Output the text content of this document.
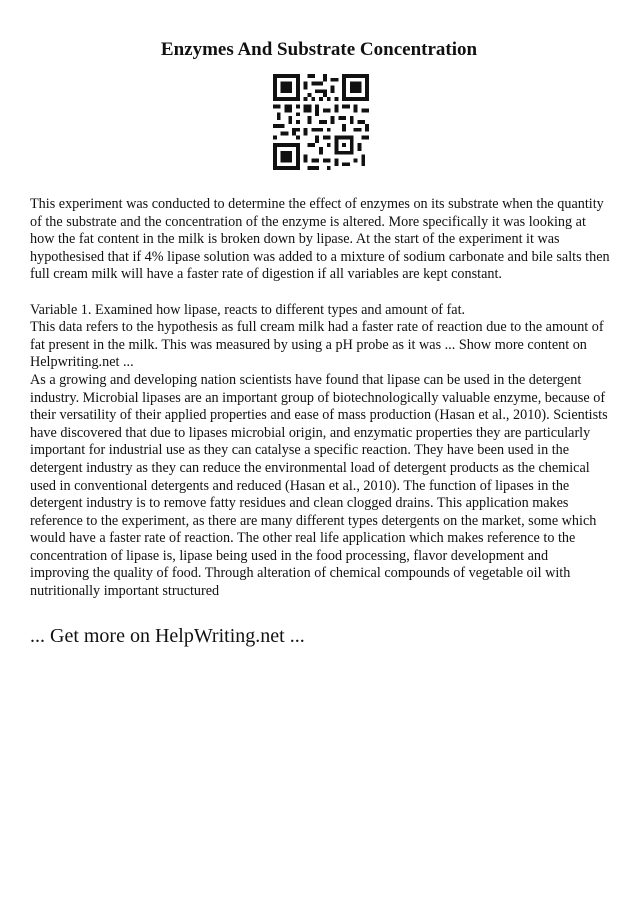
Enzymes And Substrate Concentration

This experiment was conducted to determine the effect of enzymes on its substrate when the quantity of the substrate and the concentration of the enzyme is altered. More specifically it was looking at how the fat content in the milk is broken down by lipase. At the start of the experiment it was hypothesised that if 4% lipase solution was added to a mixture of sodium carbonate and bile salts then full cream milk will have a faster rate of digestion if all variables are kept constant.

Variable 1. Examined how lipase, reacts to different types and amount of fat.

This data refers to the hypothesis as full cream milk had a faster rate of reaction due to the amount of fat present in the milk. This was measured by using a pH probe as it was ... Show more content on Helpwriting.net ...

As a growing and developing nation scientists have found that lipase can be used in the detergent industry. Microbial lipases are an important group of biotechnologically valuable enzyme, because of their versatility of their applied properties and ease of mass production (Hasan et al., 2010). Scientists have discovered that due to lipases microbial origin, and enzymatic properties they are particularly important for industrial use as they can catalyse a specific reaction. They have been used in the detergent industry as they can reduce the environmental load of detergent products as the chemical used in conventional detergents and reduced (Hasan et al., 2010). The function of lipases in the detergent industry is to remove fatty residues and clean clogged drains. This application makes reference to the experiment, as there are many different types detergents on the market, some which would have a faster rate of reaction. The other real life application which makes reference to the concentration of lipase is, lipase being used in the food processing, flavor development and improving the quality of food. Through alteration of chemical compounds of vegetable oil with nutritionally important structured

... Get more on HelpWriting.net ...
